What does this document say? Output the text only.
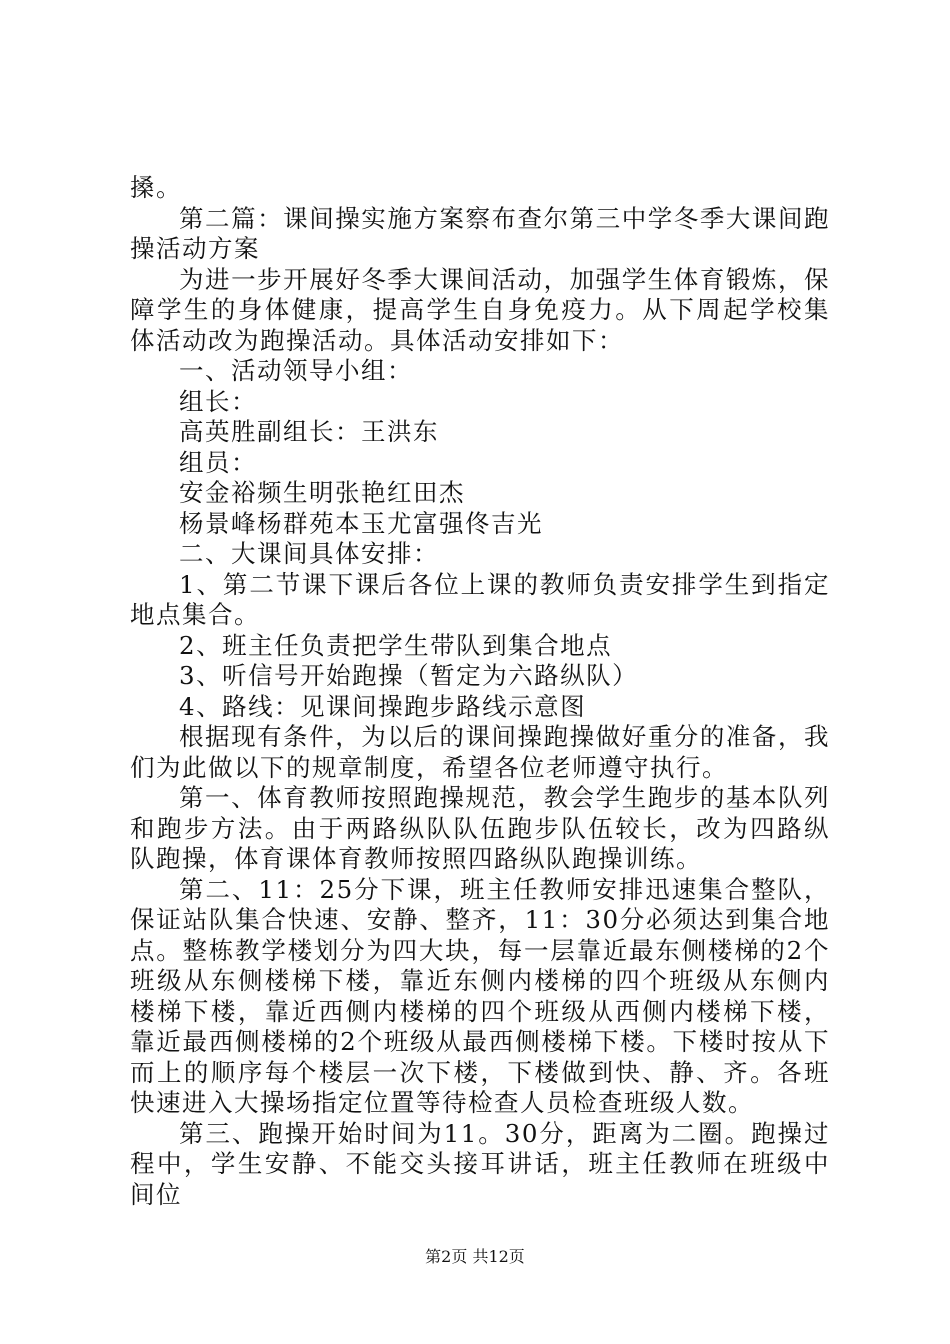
搡。

第二篇：课间操实施方案察布查尔第三中学冬季大课间跑操活动方案

为进一步开展好冬季大课间活动，加强学生体育锻炼，保障学生的身体健康，提高学生自身免疫力。从下周起学校集体活动改为跑操活动。具体活动安排如下：

一、活动领导小组：

组长：

高英胜副组长：王洪东

组员：

安金裕频生明张艳红田杰

杨景峰杨群苑本玉尤富强佟吉光

二、大课间具体安排：

1、第二节课下课后各位上课的教师负责安排学生到指定地点集合。

2、班主任负责把学生带队到集合地点

3、听信号开始跑操（暂定为六路纵队）

4、路线：见课间操跑步路线示意图

根据现有条件，为以后的课间操跑操做好重分的准备，我们为此做以下的规章制度，希望各位老师遵守执行。

第一、体育教师按照跑操规范，教会学生跑步的基本队列和跑步方法。由于两路纵队队伍跑步队伍较长，改为四路纵队跑操，体育课体育教师按照四路纵队跑操训练。

第二、11：25分下课，班主任教师安排迅速集合整队，保证站队集合快速、安静、整齐，11：30分必须达到集合地点。整栋教学楼划分为四大块，每一层靠近最东侧楼梯的2个班级从东侧楼梯下楼，靠近东侧内楼梯的四个班级从东侧内楼梯下楼，靠近西侧内楼梯的四个班级从西侧内楼梯下楼，靠近最西侧楼梯的2个班级从最西侧楼梯下楼。下楼时按从下而上的顺序每个楼层一次下楼，下楼做到快、静、齐。各班快速进入大操场指定位置等待检查人员检查班级人数。

第三、跑操开始时间为11。30分，距离为二圈。跑操过程中，学生安静、不能交头接耳讲话，班主任教师在班级中间位

第2页 共12页
